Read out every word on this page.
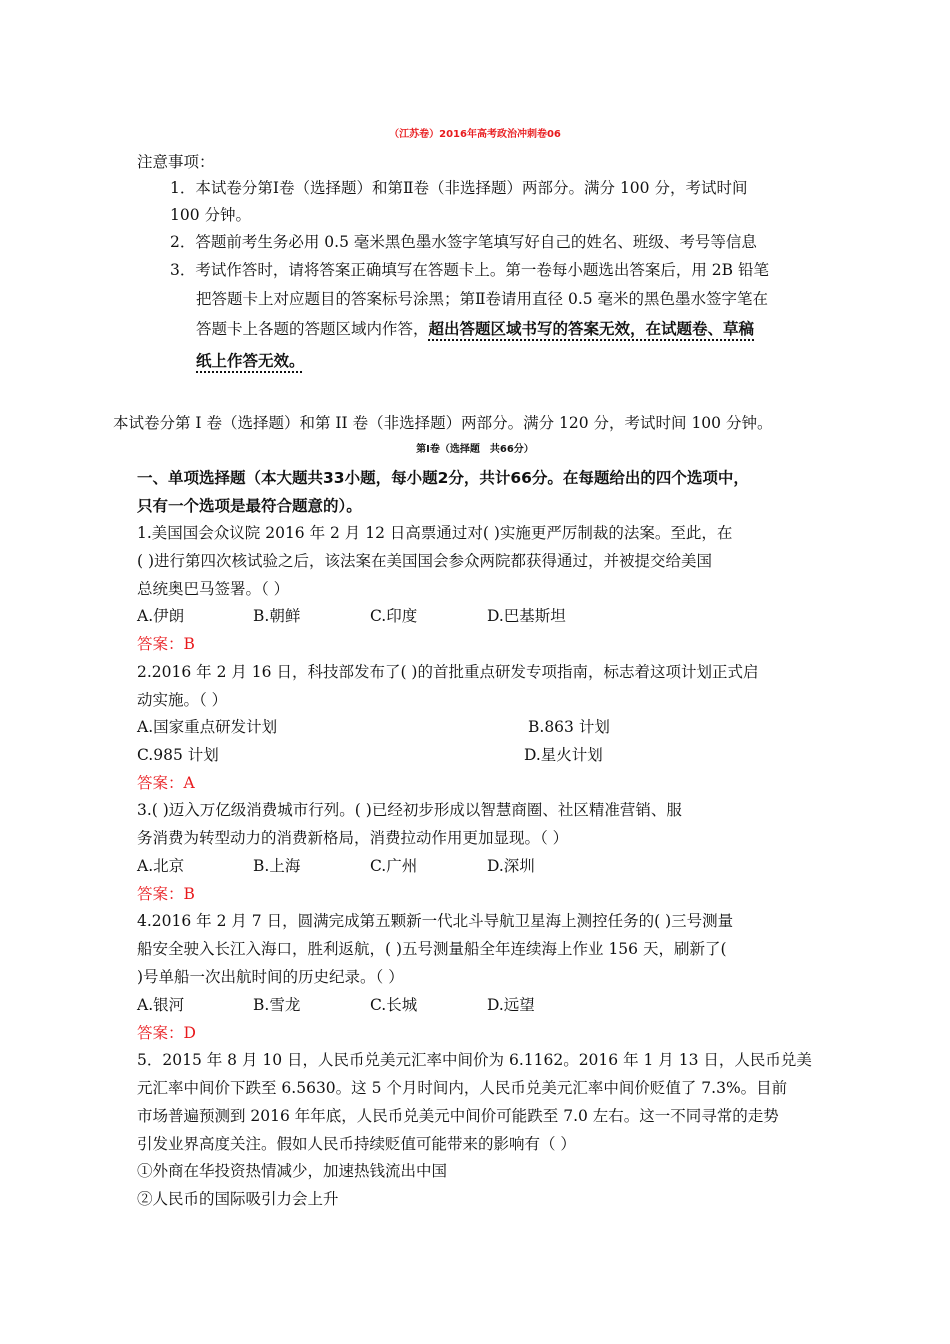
（江苏卷）2016年高考政治冲刺卷06
注意事项：
1．本试卷分第Ⅰ卷（选择题）和第Ⅱ卷（非选择题）两部分。满分 100 分，考试时间
100 分钟。
2．答题前考生务必用 0.5 毫米黑色墨水签字笔填写好自己的姓名、班级、考号等信息
3．考试作答时，请将答案正确填写在答题卡上。第一卷每小题选出答案后，用 2B 铅笔
把答题卡上对应题目的答案标号涂黑；第Ⅱ卷请用直径 0.5 毫米的黑色墨水签字笔在
答题卡上各题的答题区域内作答，超出答题区域书写的答案无效，在试题卷、草稿
纸上作答无效。
本试卷分第 I 卷（选择题）和第 II 卷（非选择题）两部分。满分 120 分，考试时间 100 分钟。
第Ⅰ卷（选择题　共66分）
一、单项选择题（本大题共33小题，每小题2分，共计66分。在每题给出的四个选项中，
只有一个选项是最符合题意的）。
1.美国国会众议院 2016 年 2 月 12 日高票通过对( )实施更严厉制裁的法案。至此，在
( )进行第四次核试验之后，该法案在美国国会参众两院都获得通过，并被提交给美国
总统奥巴马签署。（ ）
A.伊朗	B.朝鲜	C.印度	D.巴基斯坦
答案：B
2.2016 年 2 月 16 日，科技部发布了( )的首批重点研发专项指南，标志着这项计划正式启
动实施。（ ）
A.国家重点研发计划	B.863 计划
C.985 计划	D.星火计划
答案：A
3.( )迈入万亿级消费城市行列。( )已经初步形成以智慧商圈、社区精准营销、服
务消费为转型动力的消费新格局，消费拉动作用更加显现。（ ）
A.北京	B.上海	C.广州	D.深圳
答案：B
4.2016 年 2 月 7 日，圆满完成第五颗新一代北斗导航卫星海上测控任务的( )三号测量
船安全驶入长江入海口，胜利返航，( )五号测量船全年连续海上作业 156 天，刷新了(
)号单船一次出航时间的历史纪录。（ ）
A.银河	B.雪龙	C.长城	D.远望
答案：D
5．2015 年 8 月 10 日，人民币兑美元汇率中间价为 6.1162。2016 年 1 月 13 日，人民币兑美
元汇率中间价下跌至 6.5630。这 5 个月时间内，人民币兑美元汇率中间价贬值了 7.3%。目前
市场普遍预测到 2016 年年底，人民币兑美元中间价可能跌至 7.0 左右。这一不同寻常的走势
引发业界高度关注。假如人民币持续贬值可能带来的影响有（ ）
①外商在华投资热情减少，加速热钱流出中国
②人民币的国际吸引力会上升
